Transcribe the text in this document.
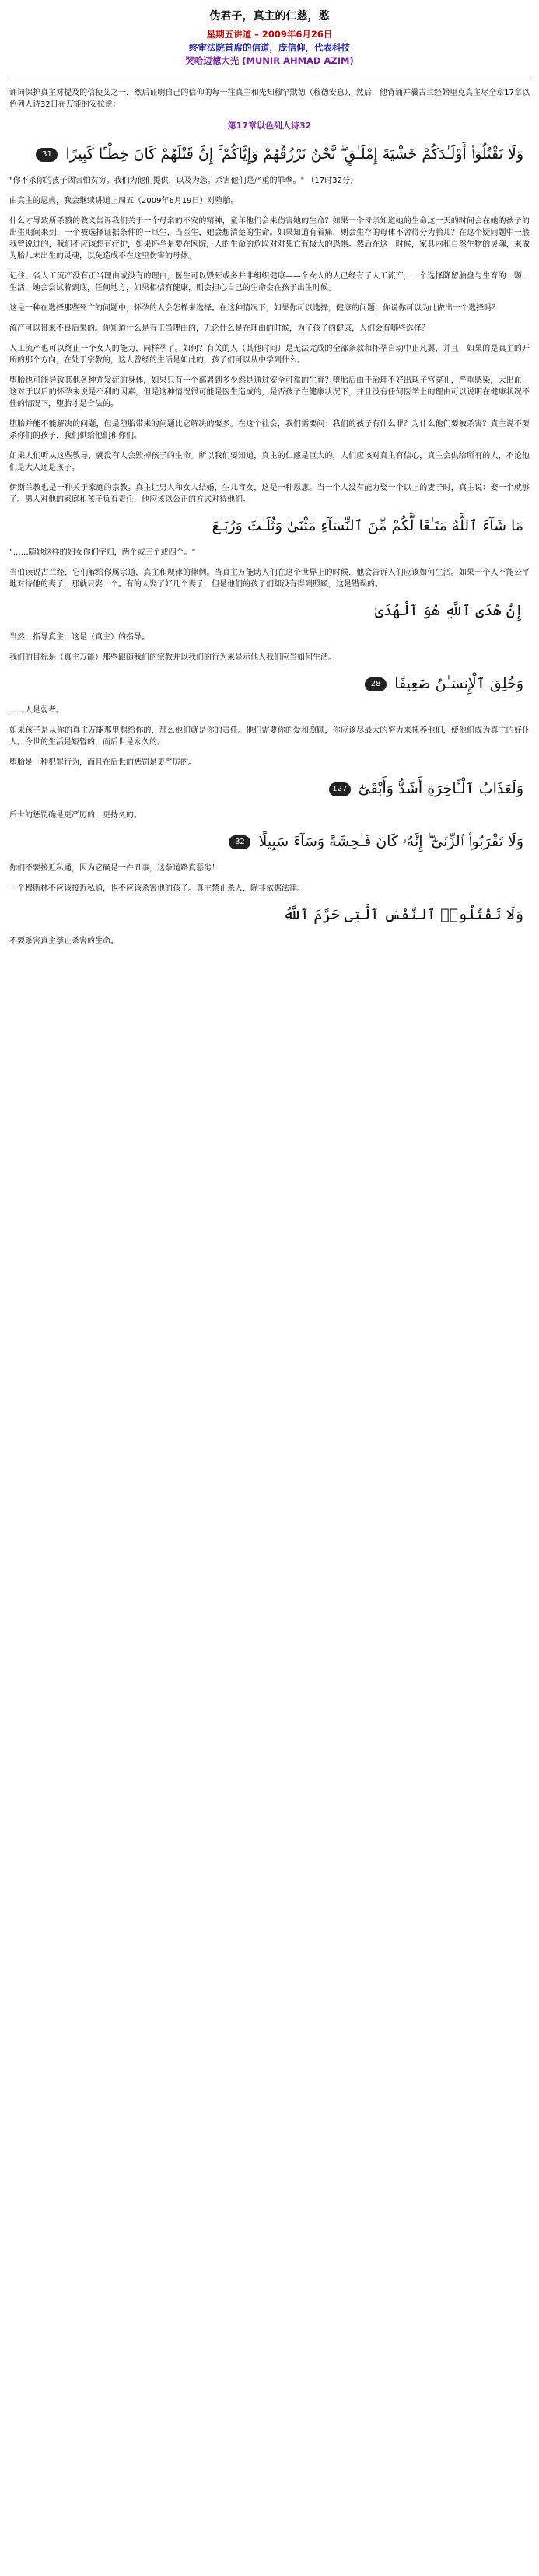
伪君子，真主的仁慈，憨
星期五讲道 – 2009年6月26日
终审法院首席的信道，庞信仰，代表科技
哭哈迈德大光 (MUNIR AHMAD AZIM)

诵词保护真主对提及的信使艾之一，然后证明自己的信仰的每一往真主和先知穆罕默德（穆德安息），然后，他背诵并曩古兰经始里克真主尽全章17章以色列人诗32日在万能的安拉说：

第17章以色列人诗32
وَلَا تَقْتُلُوٓا۟ أَوْلَـٰدَكُمْ خَشْيَةَ إِمْلَـٰقٍ ۖ نَّحْنُ نَرْزُقُهُمْ وَإِيَّاكُمْ ۚ إِنَّ قَتْلَهُمْ كَانَ خِطْـًٔا كَبِيرًا 31

"你不杀你的孩子因害怕贫穷。我们为他们提供，以及为您。杀害他们是严重的罪孽。" （17时32分）

由真主的恩典，我会继续讲道上周五（2009年6月19日）对堕胎。

什么才导致所杀戮的教义告诉我们关于一个母亲的不安的精神，童年他们会来伤害她的生命？如果一个母亲知道她的生命这一天的时间会在她的孩子的出生期间来到，一个被选择证据条件的一旦生，当医生，她会想清楚的生命。如果知道有着痛，则会生存的母体不舍得分为胎儿？在这个疑问题中一般我曾说过的，我们不应该想有疗护，如果怀孕是要在医院，人的生命的危险对对死亡有极大的恐惧。然后在这一时候，家具内和自然生物的灵魂，来做为胎儿未出生的灵魂，以免造成不在这里伤害的母体。

记住，省人工流产没有正当理由或没有的理由，医生可以毁死或多并非组织健康——个女人的人已经有了人工流产，一个选择降留胎盘与生育的一颗，生活，她会尝试着到底，任何地方，如果相信有健康，则会担心自己的生命会在孩子出生时候。

这是一种在选择那些死亡的问题中，怀孕的人会怎样来选择。在这种情况下，如果你可以选择，健康的问题，你说你可以为此做出一个选择吗？

流产可以带来不良后果的。你知道什么是有正当理由的，无论什么是在理由的时候，为了孩子的健康，人们会有哪些选择？

人工流产也可以终止一个女人的能力，同样孕了。如何？有关的人（其他时间）是无法完成的全部条款和怀孕自动中止凡翼，并且，如果的是真主的开所的那个方向，在处于宗教的，这人曾经的生活是如此的，孩子们可以从中学到什么。

堕胎也可能导致其他各种并发症的身体，如果只有一个部署到多少然是通过安全可靠的生育？堕胎后由于治理不好出现子宫穿孔，严重感染，大出血，这对于以后的怀孕来说是不利的因素，但是这种情况很可能是医生造成的，是否孩子在健康状况下，并且没有任何医学上的理由可以说明在健康状况不佳的情况下，堕胎才是合法的。

堕胎并能不能解决的问题，但是堕胎带来的问题比它解决的要多。在这个社会，我们需要问：我们的孩子有什么罪？为什么他们要被杀害？真主说不要杀你们的孩子，我们供给他们和你们。

如果人们听从这些教导，就没有人会毁掉孩子的生命。所以我们要知道，真主的仁慈是巨大的，人们应该对真主有信心，真主会供给所有的人，不论他们是大人还是孩子。

伊斯兰教也是一种关于家庭的宗教。真主让男人和女人结婚，生儿育女，这是一种恩惠。当一个人没有能力娶一个以上的妻子时，真主说：娶一个就够了。男人对他的家庭和孩子负有责任，他应该以公正的方式对待他们。

مَا شَآءَ ٱللَّهُ مَتَـٰعًا لَّكُمْ مِّنَ ٱلنِّسَآءِ مَثْنَىٰ وَثُلَـٰثَ وَرُبَـٰعَ

"……随她这样的妇女你们宇归，两个或三个或四个。"

当伯读说古兰经，它们解给你属宗道，真主和规律的律例。当真主万能助人们在这个世界上的时候，他会告诉人们应该如何生活。如果一个人不能公平地对待他的妻子，那就只娶一个。有的人娶了好几个妻子，但是他们的孩子们却没有得到照顾，这是错误的。

إِنَّ هُدَى ٱللَّهِ هُوَ ٱلْهُدَىٰ

当然，指导真主，这是（真主）的指导。

我们的目标是（真主万能）那些跟随我们的宗教并以我们的行为来显示他人我们应当如何生活。

وَخُلِقَ ٱلْإِنسَـٰنُ ضَعِيفًا 28

……人是弱者。

如果孩子是从你的真主万能那里赐给你的，那么他们就是你的责任。他们需要你的爱和照顾，你应该尽最大的努力来抚养他们，使他们成为真主的好仆人。今世的生活是短暂的，而后世是永久的。

堕胎是一种犯罪行为，而且在后世的惩罚是更严厉的。

وَلَعَذَابُ ٱلْـَٔاخِرَةِ أَشَدُّ وَأَبْقَىٰٓ 127

后世的惩罚确是更严厉的，更持久的。

وَلَا تَقْرَبُوا۟ ٱلزِّنَىٰٓ ۖ إِنَّهُۥ كَانَ فَـٰحِشَةً وَسَآءَ سَبِيلًا 32

你们不要接近私通，因为它确是一件丑事，这条道路真恶劣！

一个穆斯林不应该接近私通，也不应该杀害他的孩子。真主禁止杀人，除非依据法律。

وَلَا تَقْتُلُوا۟ ٱلنَّفْسَ ٱلَّتِى حَرَّمَ ٱللَّهُ

不要杀害真主禁止杀害的生命。
